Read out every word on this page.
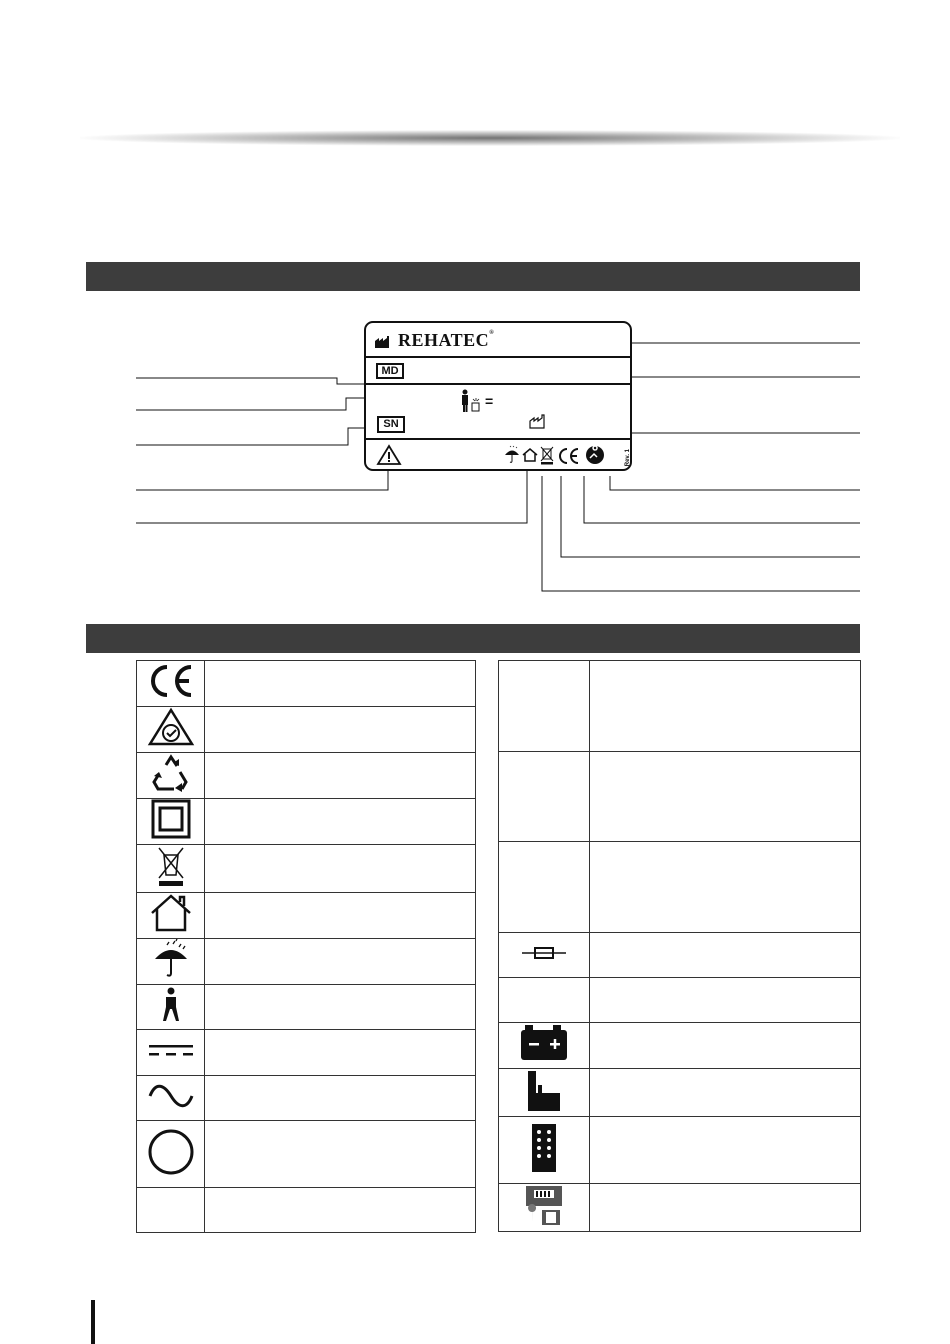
REHATEC®
MD
=
SN
Rev. 1
